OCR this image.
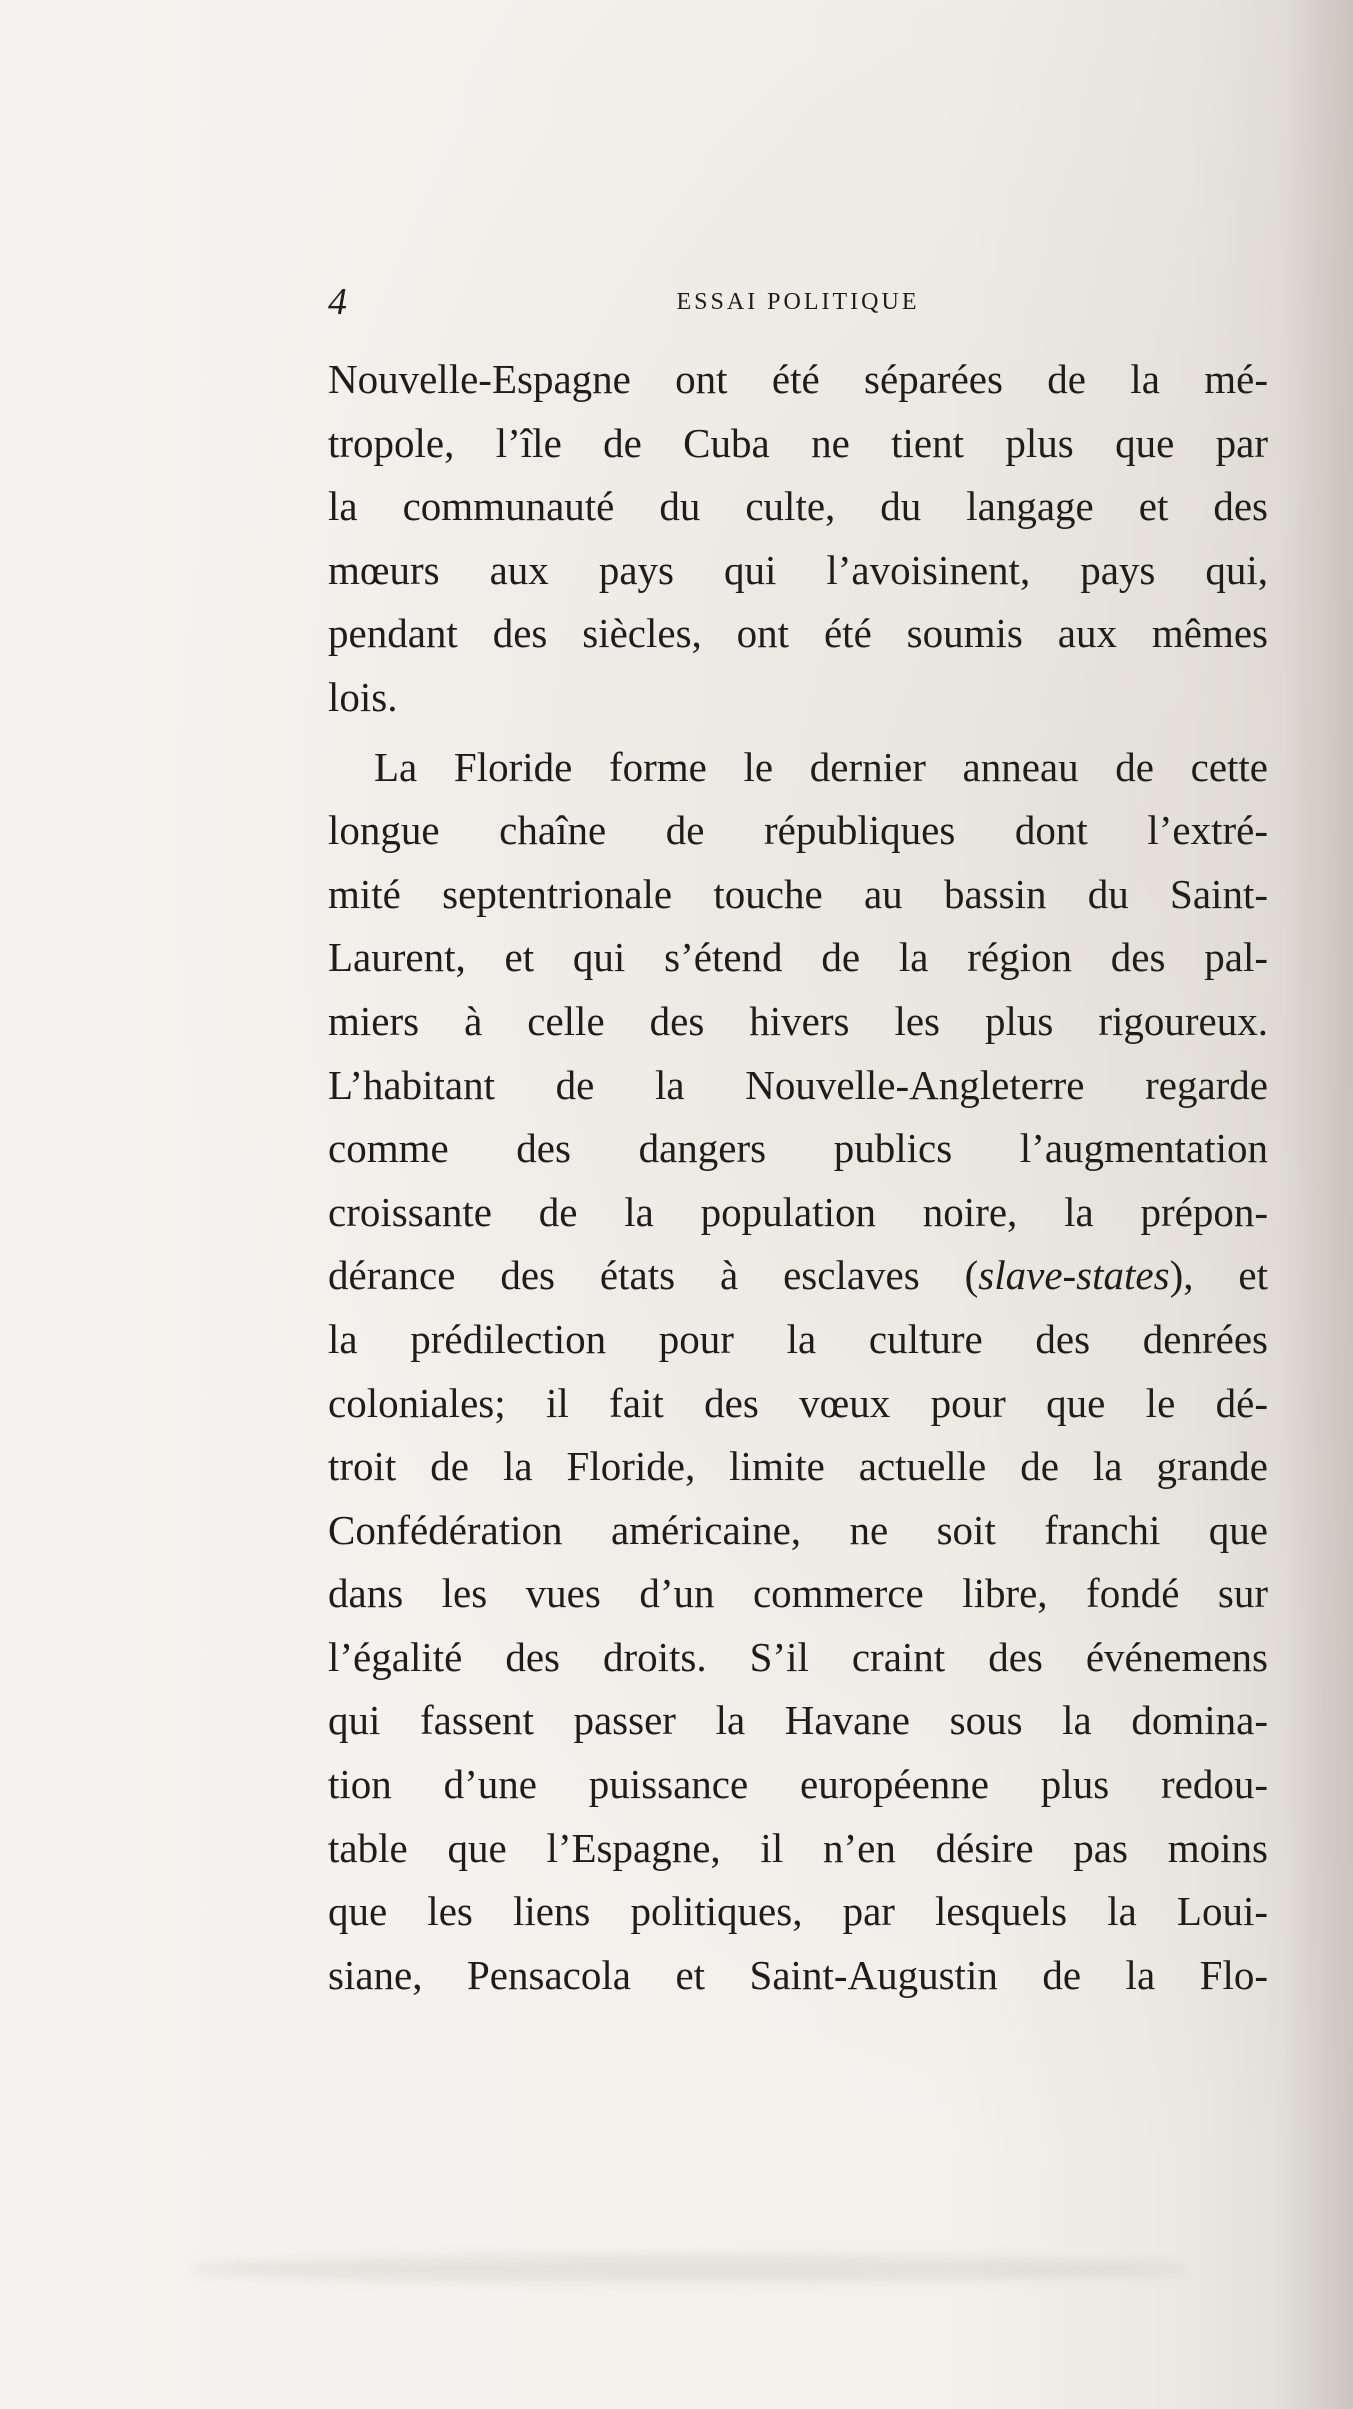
4	ESSAI POLITIQUE
Nouvelle-Espagne ont été séparées de la mé-
tropole, l’île de Cuba ne tient plus que par
la communauté du culte, du langage et des
mœurs aux pays qui l’avoisinent, pays qui,
pendant des siècles, ont été soumis aux mêmes
lois.
La Floride forme le dernier anneau de cette
longue chaîne de républiques dont l’extré-
mité septentrionale touche au bassin du Saint-
Laurent, et qui s’étend de la région des pal-
miers à celle des hivers les plus rigoureux.
L’habitant de la Nouvelle-Angleterre regarde
comme des dangers publics l’augmentation
croissante de la population noire, la prépon-
dérance des états à esclaves (slave-states), et
la prédilection pour la culture des denrées
coloniales; il fait des vœux pour que le dé-
troit de la Floride, limite actuelle de la grande
Confédération américaine, ne soit franchi que
dans les vues d’un commerce libre, fondé sur
l’égalité des droits. S’il craint des événemens
qui fassent passer la Havane sous la domina-
tion d’une puissance européenne plus redou-
table que l’Espagne, il n’en désire pas moins
que les liens politiques, par lesquels la Loui-
siane, Pensacola et Saint-Augustin de la Flo-
